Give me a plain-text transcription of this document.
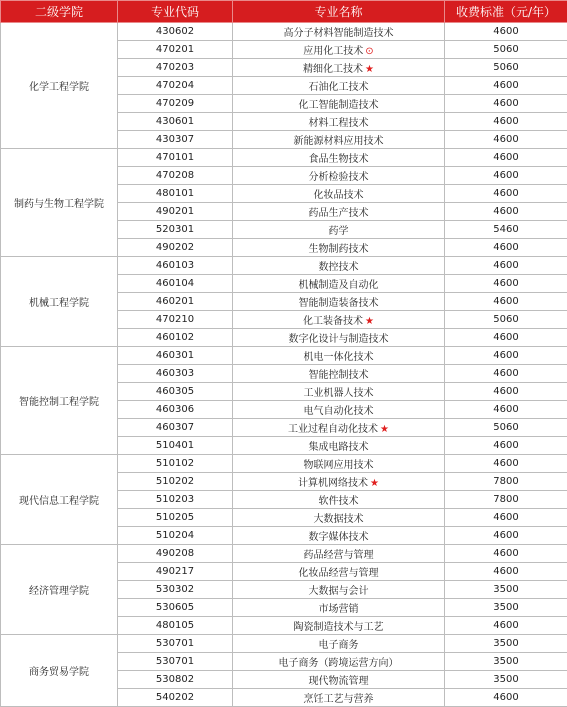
二级学院	专业代码	专业名称	收费标准（元/年）
化学工程学院	430602	高分子材料智能制造技术	4600
	470201	应用化工技术 ⊙	5060
	470203	精细化工技术 ★	5060
	470204	石油化工技术	4600
	470209	化工智能制造技术	4600
	430601	材料工程技术	4600
	430307	新能源材料应用技术	4600
制药与生物工程学院	470101	食品生物技术	4600
	470208	分析检验技术	4600
	480101	化妆品技术	4600
	490201	药品生产技术	4600
	520301	药学	5460
	490202	生物制药技术	4600
机械工程学院	460103	数控技术	4600
	460104	机械制造及自动化	4600
	460201	智能制造装备技术	4600
	470210	化工装备技术 ★	5060
	460102	数字化设计与制造技术	4600
智能控制工程学院	460301	机电一体化技术	4600
	460303	智能控制技术	4600
	460305	工业机器人技术	4600
	460306	电气自动化技术	4600
	460307	工业过程自动化技术 ★	5060
	510401	集成电路技术	4600
现代信息工程学院	510102	物联网应用技术	4600
	510202	计算机网络技术 ★	7800
	510203	软件技术	7800
	510205	大数据技术	4600
	510204	数字媒体技术	4600
经济管理学院	490208	药品经营与管理	4600
	490217	化妆品经营与管理	4600
	530302	大数据与会计	3500
	530605	市场营销	3500
	480105	陶瓷制造技术与工艺	4600
商务贸易学院	530701	电子商务	3500
	530701	电子商务（跨境运营方向）	3500
	530802	现代物流管理	3500
	540202	烹饪工艺与营养	4600
